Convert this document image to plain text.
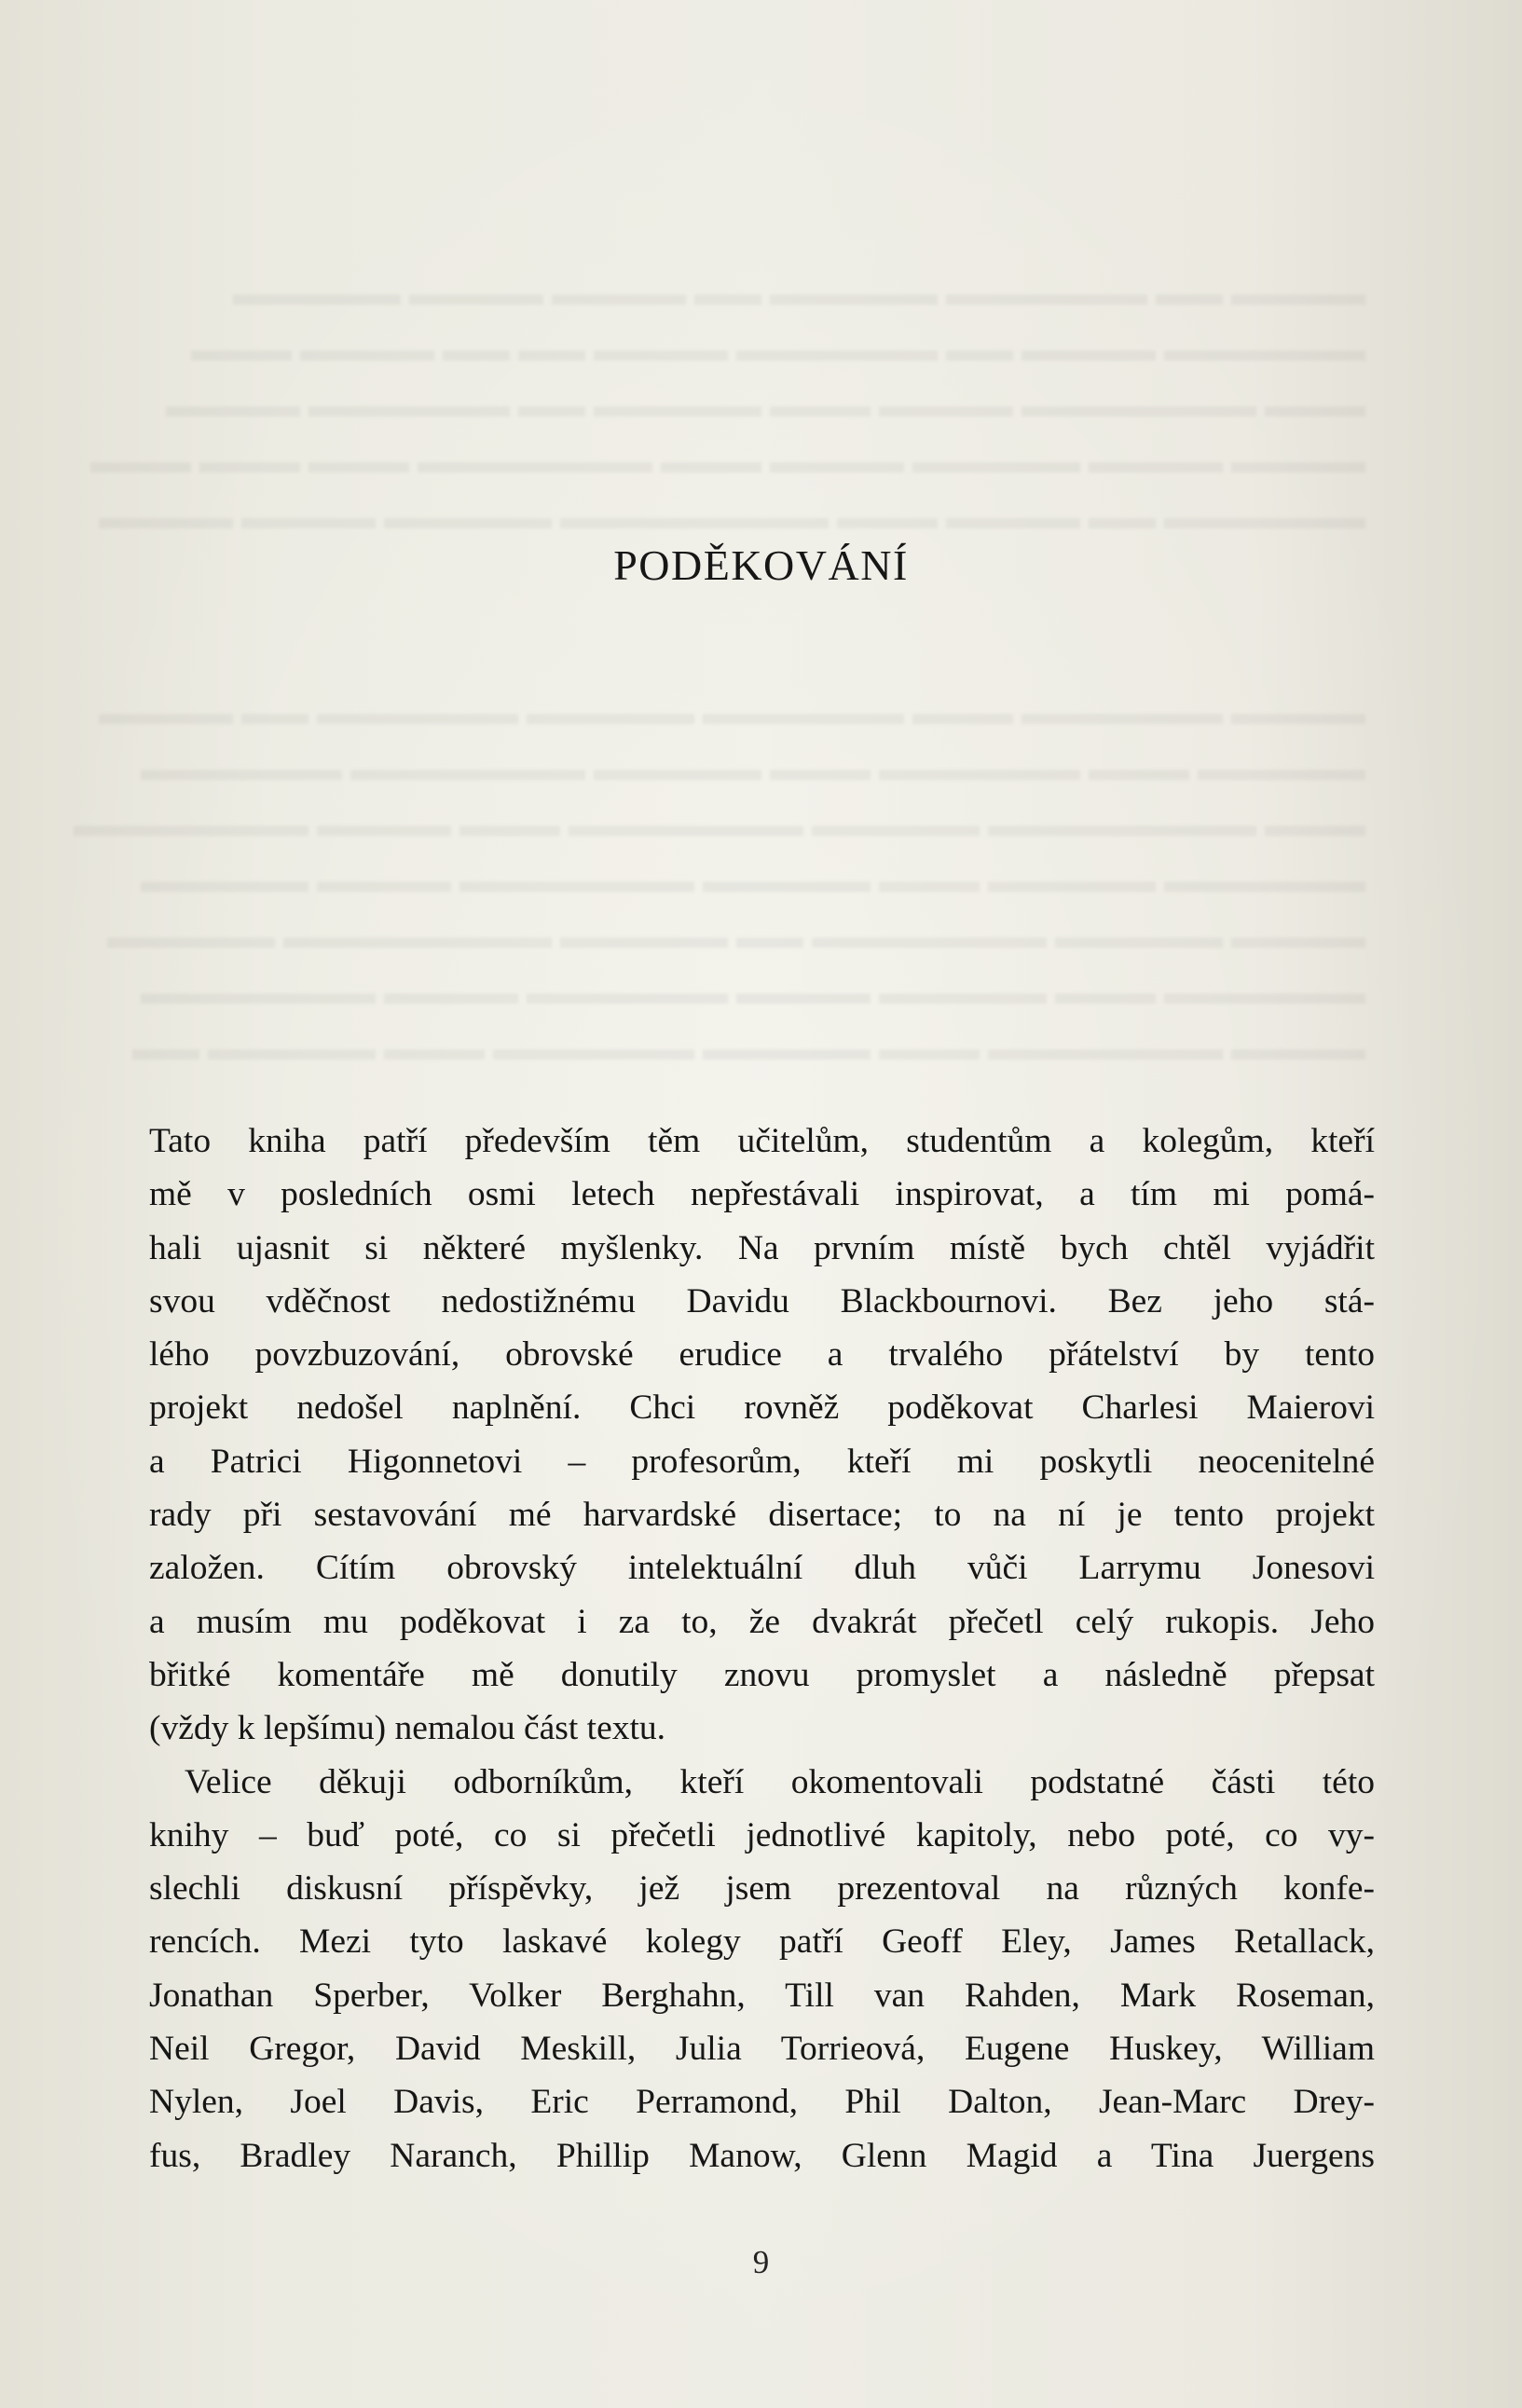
▬▬▬▬ ▬▬ ▬▬▬▬▬▬ ▬▬▬▬▬ ▬▬ ▬▬▬▬ ▬▬▬▬ ▬▬▬▬▬
▬▬▬▬▬▬ ▬▬▬▬ ▬▬ ▬▬▬▬▬▬ ▬▬▬▬ ▬▬ ▬▬ ▬▬▬▬ ▬▬▬
▬▬▬ ▬▬▬▬▬▬▬ ▬▬▬▬ ▬▬▬ ▬▬▬▬▬ ▬▬ ▬▬▬▬▬▬ ▬▬▬▬
▬▬▬▬ ▬▬▬▬ ▬▬▬▬▬ ▬▬▬▬ ▬▬▬ ▬▬▬▬▬▬▬ ▬▬▬ ▬▬▬ ▬▬▬
▬▬▬▬▬▬ ▬▬ ▬▬▬▬ ▬▬▬ ▬▬▬▬▬▬▬▬ ▬▬▬▬▬ ▬▬▬▬ ▬▬▬▬
▬▬▬▬ ▬▬▬▬▬▬ ▬▬▬ ▬▬▬▬▬▬ ▬▬▬▬▬ ▬▬▬▬▬▬ ▬▬ ▬▬▬▬
▬▬▬▬▬ ▬▬▬ ▬▬▬▬▬▬ ▬▬▬ ▬▬▬▬▬ ▬▬▬▬▬▬▬ ▬▬▬▬▬▬
▬▬▬ ▬▬▬▬▬▬▬▬ ▬▬▬▬▬ ▬▬▬▬▬▬▬ ▬▬▬ ▬▬▬▬ ▬▬▬▬▬▬▬
▬▬▬▬▬▬ ▬▬▬▬▬ ▬▬▬ ▬▬▬▬▬ ▬▬▬▬▬▬▬ ▬▬▬▬ ▬▬▬▬▬
▬▬▬▬ ▬▬▬▬▬ ▬▬▬▬▬▬▬ ▬▬ ▬▬▬▬▬ ▬▬▬▬▬▬▬▬ ▬▬▬▬▬
▬▬▬▬▬▬ ▬▬▬ ▬▬▬▬▬ ▬▬▬▬ ▬▬▬▬▬▬ ▬▬▬▬ ▬▬▬▬▬▬▬
▬▬▬▬ ▬▬▬▬▬▬▬ ▬▬▬ ▬▬▬▬▬ ▬▬▬▬▬▬ ▬▬▬ ▬▬▬▬▬ ▬▬
PODĚKOVÁNÍ

Tato kniha patří především těm učitelům, studentům a kolegům, kteří
mě v posledních osmi letech nepřestávali inspirovat, a tím mi pomá-
hali ujasnit si některé myšlenky. Na prvním místě bych chtěl vyjádřit
svou vděčnost nedostižnému Davidu Blackbournovi. Bez jeho stá-
lého povzbuzování, obrovské erudice a trvalého přátelství by tento
projekt nedošel naplnění. Chci rovněž poděkovat Charlesi Maierovi
a Patrici Higonnetovi – profesorům, kteří mi poskytli neocenitelné
rady při sestavování mé harvardské disertace; to na ní je tento projekt
založen. Cítím obrovský intelektuální dluh vůči Larrymu Jonesovi
a musím mu poděkovat i za to, že dvakrát přečetl celý rukopis. Jeho
břitké komentáře mě donutily znovu promyslet a následně přepsat
(vždy k lepšímu) nemalou část textu.

Velice děkuji odborníkům, kteří okomentovali podstatné části této
knihy – buď poté, co si přečetli jednotlivé kapitoly, nebo poté, co vy-
slechli diskusní příspěvky, jež jsem prezentoval na různých konfe-
rencích. Mezi tyto laskavé kolegy patří Geoff Eley, James Retallack,
Jonathan Sperber, Volker Berghahn, Till van Rahden, Mark Roseman,
Neil Gregor, David Meskill, Julia Torrieová, Eugene Huskey, William
Nylen, Joel Davis, Eric Perramond, Phil Dalton, Jean-Marc Drey-
fus, Bradley Naranch, Phillip Manow, Glenn Magid a Tina Juergens

9
